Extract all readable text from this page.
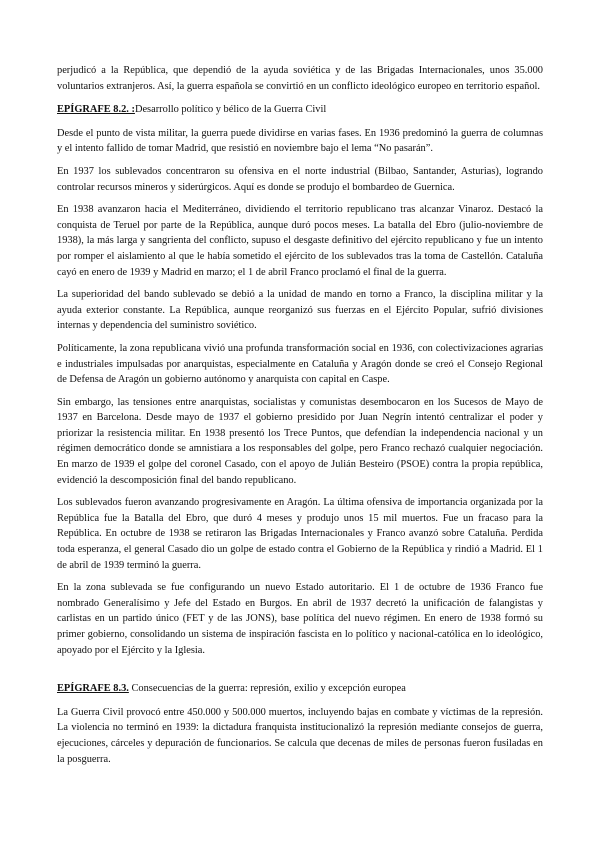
perjudicó a la República, que dependió de la ayuda soviética y de las Brigadas Internacionales, unos 35.000 voluntarios extranjeros. Así, la guerra española se convirtió en un conflicto ideológico europeo en territorio español.

EPÍGRAFE 8.2. :Desarrollo político y bélico de la Guerra Civil

Desde el punto de vista militar, la guerra puede dividirse en varias fases. En 1936 predominó la guerra de columnas y el intento fallido de tomar Madrid, que resistió en noviembre bajo el lema “No pasarán”.

En 1937 los sublevados concentraron su ofensiva en el norte industrial (Bilbao, Santander, Asturias), logrando controlar recursos mineros y siderúrgicos. Aquí es donde se produjo el bombardeo de Guernica.

En 1938 avanzaron hacia el Mediterráneo, dividiendo el territorio republicano tras alcanzar Vinaroz. Destacó la conquista de Teruel por parte de la República, aunque duró pocos meses. La batalla del Ebro (julio-noviembre de 1938), la más larga y sangrienta del conflicto, supuso el desgaste definitivo del ejército republicano y fue un intento por romper el aislamiento al que le había sometido el ejército de los sublevados tras la toma de Castellón. Cataluña cayó en enero de 1939 y Madrid en marzo; el 1 de abril Franco proclamó el final de la guerra.

La superioridad del bando sublevado se debió a la unidad de mando en torno a Franco, la disciplina militar y la ayuda exterior constante. La República, aunque reorganizó sus fuerzas en el Ejército Popular, sufrió divisiones internas y dependencia del suministro soviético.

Políticamente, la zona republicana vivió una profunda transformación social en 1936, con colectivizaciones agrarias e industriales impulsadas por anarquistas, especialmente en Cataluña y Aragón donde se creó el Consejo Regional de Defensa de Aragón un gobierno autónomo y anarquista con capital en Caspe.

Sin embargo, las tensiones entre anarquistas, socialistas y comunistas desembocaron en los Sucesos de Mayo de 1937 en Barcelona. Desde mayo de 1937 el gobierno presidido por Juan Negrín intentó centralizar el poder y priorizar la resistencia militar. En 1938 presentó los Trece Puntos, que defendían la independencia nacional y un régimen democrático donde se amnistiara a los responsables del golpe, pero Franco rechazó cualquier negociación. En marzo de 1939 el golpe del coronel Casado, con el apoyo de Julián Besteiro (PSOE) contra la propia república, evidenció la descomposición final del bando republicano.

Los sublevados fueron avanzando progresivamente en Aragón. La última ofensiva de importancia organizada por la República fue la Batalla del Ebro, que duró 4 meses y produjo unos 15 mil muertos. Fue un fracaso para la República. En octubre de 1938 se retiraron las Brigadas Internacionales y Franco avanzó sobre Cataluña. Perdida toda esperanza, el general Casado dio un golpe de estado contra el Gobierno de la República y rindió a Madrid. El 1 de abril de 1939 terminó la guerra.

En la zona sublevada se fue configurando un nuevo Estado autoritario. El 1 de octubre de 1936 Franco fue nombrado Generalísimo y Jefe del Estado en Burgos. En abril de 1937 decretó la unificación de falangistas y carlistas en un partido único (FET y de las JONS), base política del nuevo régimen. En enero de 1938 formó su primer gobierno, consolidando un sistema de inspiración fascista en lo político y nacional-católica en lo ideológico, apoyado por el Ejército y la Iglesia.

EPÍGRAFE 8.3. Consecuencias de la guerra: represión, exilio y excepción europea

La Guerra Civil provocó entre 450.000 y 500.000 muertos, incluyendo bajas en combate y víctimas de la represión. La violencia no terminó en 1939: la dictadura franquista institucionalizó la represión mediante consejos de guerra, ejecuciones, cárceles y depuración de funcionarios. Se calcula que decenas de miles de personas fueron fusiladas en la posguerra.
